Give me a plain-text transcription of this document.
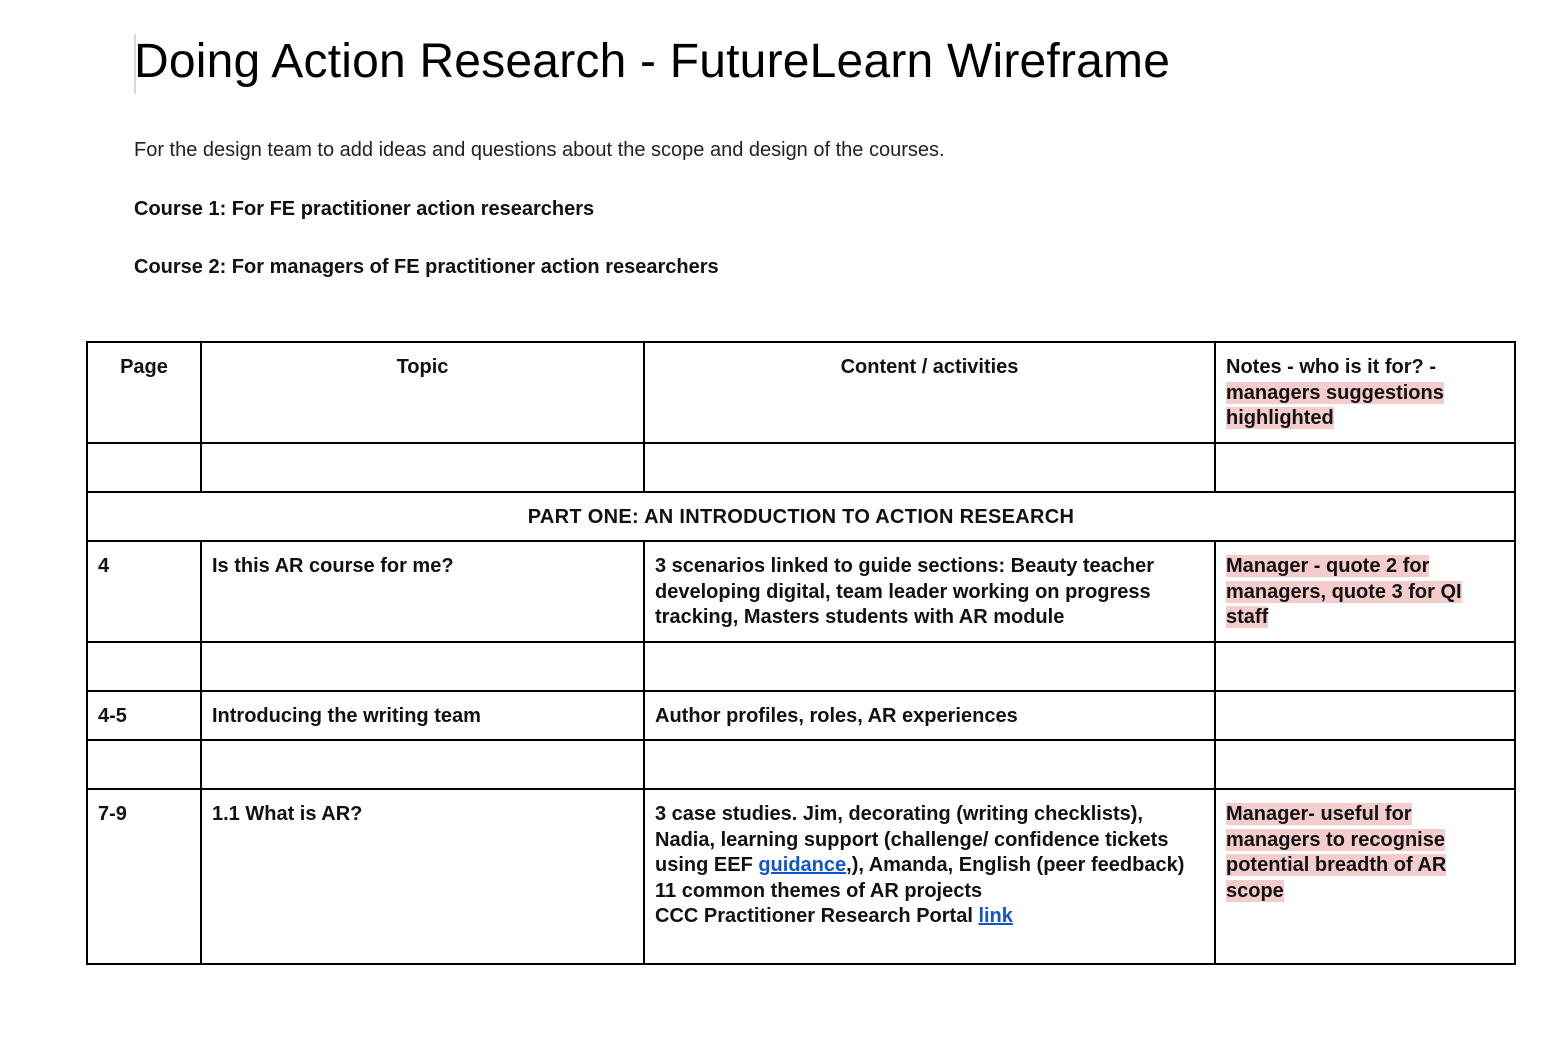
Doing Action Research - FutureLearn Wireframe
For the design team to add ideas and questions about the scope and design of the courses.
Course 1: For FE practitioner action researchers
Course 2: For managers of FE practitioner action researchers
Page	Topic	Content / activities	Notes - who is it for? - managers suggestions highlighted

PART ONE: AN INTRODUCTION TO ACTION RESEARCH			
4	Is this AR course for me?	3 scenarios linked to guide sections: Beauty teacher developing digital, team leader working on progress tracking, Masters students with AR module	Manager - quote 2 for managers, quote 3 for QI staff

4-5	Introducing the writing team	Author profiles, roles, AR experiences	

7-9	1.1 What is AR?	3 case studies. Jim, decorating (writing checklists), Nadia, learning support (challenge/ confidence tickets using EEF guidance,), Amanda, English (peer feedback)
11 common themes of AR projects
CCC Practitioner Research Portal link	Manager- useful for managers to recognise potential breadth of AR scope
